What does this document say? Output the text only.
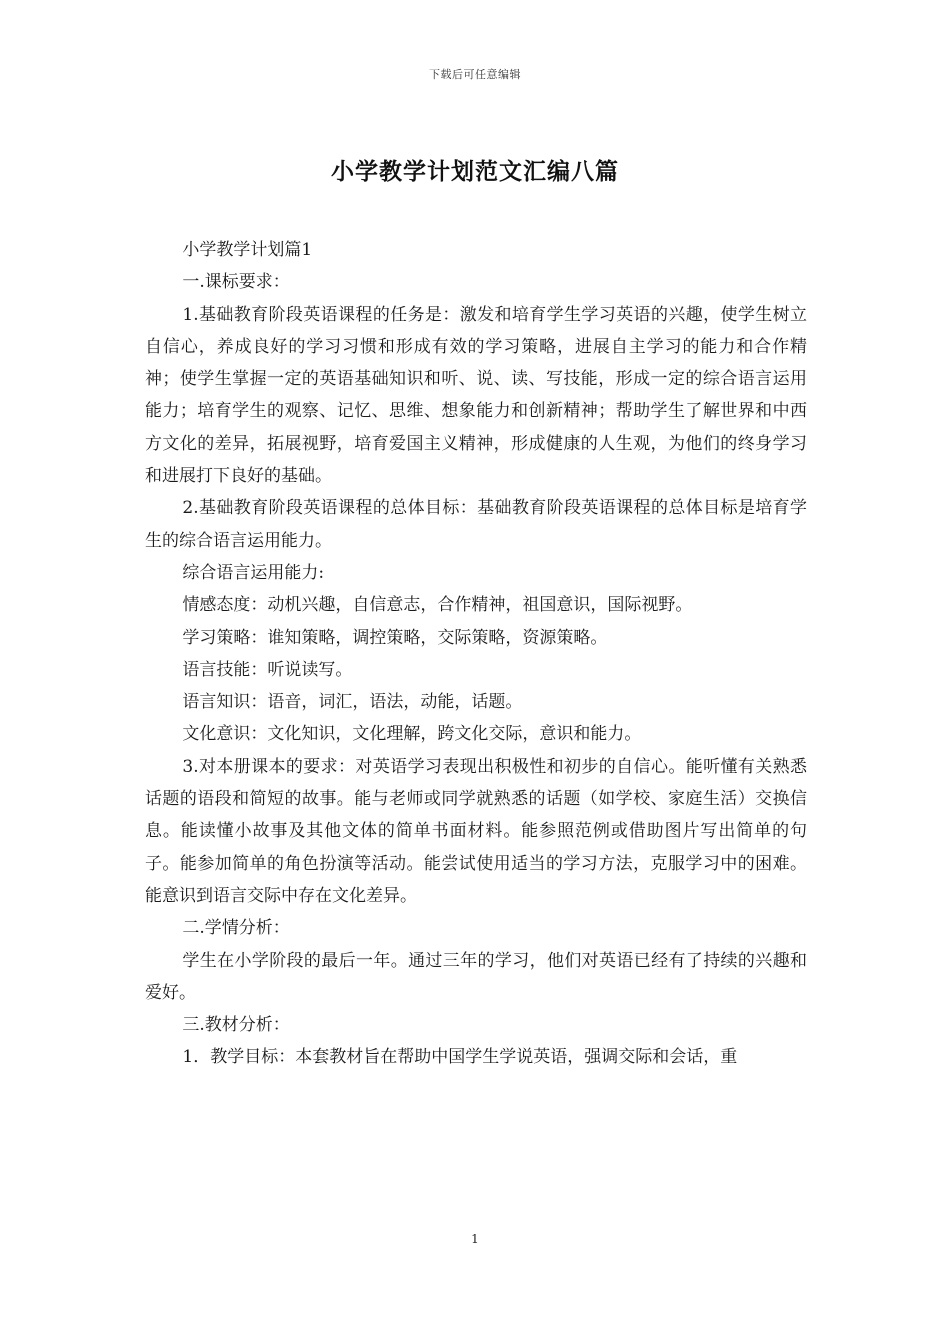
下载后可任意编辑
小学教学计划范文汇编八篇

小学教学计划篇1

一.课标要求：

1.基础教育阶段英语课程的任务是：激发和培育学生学习英语的兴趣，使学生树立自信心，养成良好的学习习惯和形成有效的学习策略，进展自主学习的能力和合作精神；使学生掌握一定的英语基础知识和听、说、读、写技能，形成一定的综合语言运用能力；培育学生的观察、记忆、思维、想象能力和创新精神；帮助学生了解世界和中西方文化的差异，拓展视野，培育爱国主义精神，形成健康的人生观，为他们的终身学习和进展打下良好的基础。

2.基础教育阶段英语课程的总体目标：基础教育阶段英语课程的总体目标是培育学生的综合语言运用能力。

综合语言运用能力:

情感态度：动机兴趣，自信意志，合作精神，祖国意识，国际视野。

学习策略：谁知策略，调控策略，交际策略，资源策略。

语言技能：听说读写。

语言知识：语音，词汇，语法，动能，话题。

文化意识：文化知识，文化理解，跨文化交际，意识和能力。

3.对本册课本的要求：对英语学习表现出积极性和初步的自信心。能听懂有关熟悉话题的语段和简短的故事。能与老师或同学就熟悉的话题（如学校、家庭生活）交换信息。能读懂小故事及其他文体的简单书面材料。能参照范例或借助图片写出简单的句子。能参加简单的角色扮演等活动。能尝试使用适当的学习方法，克服学习中的困难。能意识到语言交际中存在文化差异。

二.学情分析：

学生在小学阶段的最后一年。通过三年的学习，他们对英语已经有了持续的兴趣和爱好。

三.教材分析：

1．教学目标：本套教材旨在帮助中国学生学说英语，强调交际和会话，重

1
